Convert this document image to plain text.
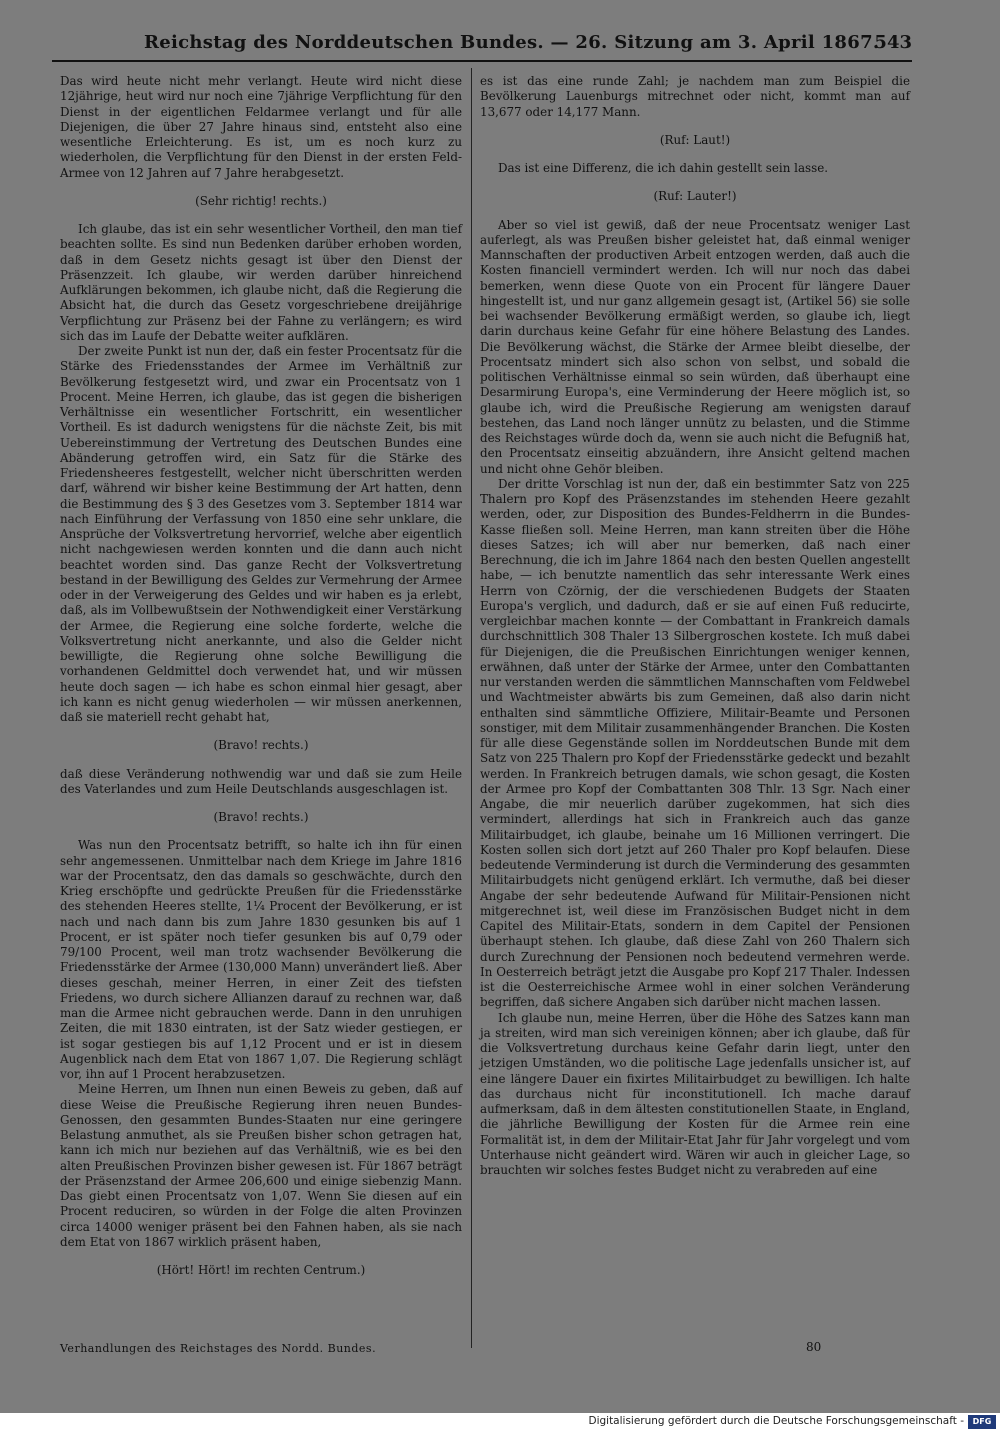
Reichstag des Norddeutschen Bundes. — 26. Sitzung am 3. April 1867.
543

Das wird heute nicht mehr verlangt. Heute wird nicht diese 12jährige, heut wird nur noch eine 7jährige Verpflichtung für den Dienst in der eigentlichen Feldarmee verlangt und für alle Diejenigen, die über 27 Jahre hinaus sind, entsteht also eine wesentliche Erleichterung. Es ist, um es noch kurz zu wiederholen, die Verpflichtung für den Dienst in der ersten Feld-Armee von 12 Jahren auf 7 Jahre herabgesetzt.

(Sehr richtig! rechts.)

Ich glaube, das ist ein sehr wesentlicher Vortheil, den man tief beachten sollte. Es sind nun Bedenken darüber erhoben worden, daß in dem Gesetz nichts gesagt ist über den Dienst der Präsenzzeit. Ich glaube, wir werden darüber hinreichend Aufklärungen bekommen, ich glaube nicht, daß die Regierung die Absicht hat, die durch das Gesetz vorgeschriebene dreijährige Verpflichtung zur Präsenz bei der Fahne zu verlängern; es wird sich das im Laufe der Debatte weiter aufklären.

Der zweite Punkt ist nun der, daß ein fester Procentsatz für die Stärke des Friedensstandes der Armee im Verhältniß zur Bevölkerung festgesetzt wird, und zwar ein Procentsatz von 1 Procent. Meine Herren, ich glaube, das ist gegen die bisherigen Verhältnisse ein wesentlicher Fortschritt, ein wesentlicher Vortheil. Es ist dadurch wenigstens für die nächste Zeit, bis mit Uebereinstimmung der Vertretung des Deutschen Bundes eine Abänderung getroffen wird, ein Satz für die Stärke des Friedensheeres festgestellt, welcher nicht überschritten werden darf, während wir bisher keine Bestimmung der Art hatten, denn die Bestimmung des § 3 des Gesetzes vom 3. September 1814 war nach Einführung der Verfassung von 1850 eine sehr unklare, die Ansprüche der Volksvertretung hervorrief, welche aber eigentlich nicht nachgewiesen werden konnten und die dann auch nicht beachtet worden sind. Das ganze Recht der Volksvertretung bestand in der Bewilligung des Geldes zur Vermehrung der Armee oder in der Verweigerung des Geldes und wir haben es ja erlebt, daß, als im Vollbewußtsein der Nothwendigkeit einer Verstärkung der Armee, die Regierung eine solche forderte, welche die Volksvertretung nicht anerkannte, und also die Gelder nicht bewilligte, die Regierung ohne solche Bewilligung die vorhandenen Geldmittel doch verwendet hat, und wir müssen heute doch sagen — ich habe es schon einmal hier gesagt, aber ich kann es nicht genug wiederholen — wir müssen anerkennen, daß sie materiell recht gehabt hat,

(Bravo! rechts.)

daß diese Veränderung nothwendig war und daß sie zum Heile des Vaterlandes und zum Heile Deutschlands ausgeschlagen ist.

(Bravo! rechts.)

Was nun den Procentsatz betrifft, so halte ich ihn für einen sehr angemessenen. Unmittelbar nach dem Kriege im Jahre 1816 war der Procentsatz, den das damals so geschwächte, durch den Krieg erschöpfte und gedrückte Preußen für die Friedensstärke des stehenden Heeres stellte, 1¼ Procent der Bevölkerung, er ist nach und nach dann bis zum Jahre 1830 gesunken bis auf 1 Procent, er ist später noch tiefer gesunken bis auf 0,79 oder 79/100 Procent, weil man trotz wachsender Bevölkerung die Friedensstärke der Armee (130,000 Mann) unverändert ließ. Aber dieses geschah, meiner Herren, in einer Zeit des tiefsten Friedens, wo durch sichere Allianzen darauf zu rechnen war, daß man die Armee nicht gebrauchen werde. Dann in den unruhigen Zeiten, die mit 1830 eintraten, ist der Satz wieder gestiegen, er ist sogar gestiegen bis auf 1,12 Procent und er ist in diesem Augenblick nach dem Etat von 1867 1,07. Die Regierung schlägt vor, ihn auf 1 Procent herabzusetzen.

Meine Herren, um Ihnen nun einen Beweis zu geben, daß auf diese Weise die Preußische Regierung ihren neuen Bundes-Genossen, den gesammten Bundes-Staaten nur eine geringere Belastung anmuthet, als sie Preußen bisher schon getragen hat, kann ich mich nur beziehen auf das Verhältniß, wie es bei den alten Preußischen Provinzen bisher gewesen ist. Für 1867 beträgt der Präsenzstand der Armee 206,600 und einige siebenzig Mann. Das giebt einen Procentsatz von 1,07. Wenn Sie diesen auf ein Procent reduciren, so würden in der Folge die alten Provinzen circa 14000 weniger präsent bei den Fahnen haben, als sie nach dem Etat von 1867 wirklich präsent haben,

(Hört! Hört! im rechten Centrum.)

es ist das eine runde Zahl; je nachdem man zum Beispiel die Bevölkerung Lauenburgs mitrechnet oder nicht, kommt man auf 13,677 oder 14,177 Mann.

(Ruf: Laut!)

Das ist eine Differenz, die ich dahin gestellt sein lasse.

(Ruf: Lauter!)

Aber so viel ist gewiß, daß der neue Procentsatz weniger Last auferlegt, als was Preußen bisher geleistet hat, daß einmal weniger Mannschaften der productiven Arbeit entzogen werden, daß auch die Kosten financiell vermindert werden. Ich will nur noch das dabei bemerken, wenn diese Quote von ein Procent für längere Dauer hingestellt ist, und nur ganz allgemein gesagt ist, (Artikel 56) sie solle bei wachsender Bevölkerung ermäßigt werden, so glaube ich, liegt darin durchaus keine Gefahr für eine höhere Belastung des Landes. Die Bevölkerung wächst, die Stärke der Armee bleibt dieselbe, der Procentsatz mindert sich also schon von selbst, und sobald die politischen Verhältnisse einmal so sein würden, daß überhaupt eine Desarmirung Europa's, eine Verminderung der Heere möglich ist, so glaube ich, wird die Preußische Regierung am wenigsten darauf bestehen, das Land noch länger unnütz zu belasten, und die Stimme des Reichstages würde doch da, wenn sie auch nicht die Befugniß hat, den Procentsatz einseitig abzuändern, ihre Ansicht geltend machen und nicht ohne Gehör bleiben.

Der dritte Vorschlag ist nun der, daß ein bestimmter Satz von 225 Thalern pro Kopf des Präsenzstandes im stehenden Heere gezahlt werden, oder, zur Disposition des Bundes-Feldherrn in die Bundes-Kasse fließen soll. Meine Herren, man kann streiten über die Höhe dieses Satzes; ich will aber nur bemerken, daß nach einer Berechnung, die ich im Jahre 1864 nach den besten Quellen angestellt habe, — ich benutzte namentlich das sehr interessante Werk eines Herrn von Czörnig, der die verschiedenen Budgets der Staaten Europa's verglich, und dadurch, daß er sie auf einen Fuß reducirte, vergleichbar machen konnte — der Combattant in Frankreich damals durchschnittlich 308 Thaler 13 Silbergroschen kostete. Ich muß dabei für Diejenigen, die die Preußischen Einrichtungen weniger kennen, erwähnen, daß unter der Stärke der Armee, unter den Combattanten nur verstanden werden die sämmtlichen Mannschaften vom Feldwebel und Wachtmeister abwärts bis zum Gemeinen, daß also darin nicht enthalten sind sämmtliche Offiziere, Militair-Beamte und Personen sonstiger, mit dem Militair zusammenhängender Branchen. Die Kosten für alle diese Gegenstände sollen im Norddeutschen Bunde mit dem Satz von 225 Thalern pro Kopf der Friedensstärke gedeckt und bezahlt werden. In Frankreich betrugen damals, wie schon gesagt, die Kosten der Armee pro Kopf der Combattanten 308 Thlr. 13 Sgr. Nach einer Angabe, die mir neuerlich darüber zugekommen, hat sich dies vermindert, allerdings hat sich in Frankreich auch das ganze Militairbudget, ich glaube, beinahe um 16 Millionen verringert. Die Kosten sollen sich dort jetzt auf 260 Thaler pro Kopf belaufen. Diese bedeutende Verminderung ist durch die Verminderung des gesammten Militairbudgets nicht genügend erklärt. Ich vermuthe, daß bei dieser Angabe der sehr bedeutende Aufwand für Militair-Pensionen nicht mitgerechnet ist, weil diese im Französischen Budget nicht in dem Capitel des Militair-Etats, sondern in dem Capitel der Pensionen überhaupt stehen. Ich glaube, daß diese Zahl von 260 Thalern sich durch Zurechnung der Pensionen noch bedeutend vermehren werde. In Oesterreich beträgt jetzt die Ausgabe pro Kopf 217 Thaler. Indessen ist die Oesterreichische Armee wohl in einer solchen Veränderung begriffen, daß sichere Angaben sich darüber nicht machen lassen.

Ich glaube nun, meine Herren, über die Höhe des Satzes kann man ja streiten, wird man sich vereinigen können; aber ich glaube, daß für die Volksvertretung durchaus keine Gefahr darin liegt, unter den jetzigen Umständen, wo die politische Lage jedenfalls unsicher ist, auf eine längere Dauer ein fixirtes Militairbudget zu bewilligen. Ich halte das durchaus nicht für inconstitutionell. Ich mache darauf aufmerksam, daß in dem ältesten constitutionellen Staate, in England, die jährliche Bewilligung der Kosten für die Armee rein eine Formalität ist, in dem der Militair-Etat Jahr für Jahr vorgelegt und vom Unterhause nicht geändert wird. Wären wir auch in gleicher Lage, so brauchten wir solches festes Budget nicht zu verabreden auf eine

Verhandlungen des Reichstages des Nordd. Bundes.	80
Digitalisierung gefördert durch die Deutsche Forschungsgemeinschaft -	DFG
